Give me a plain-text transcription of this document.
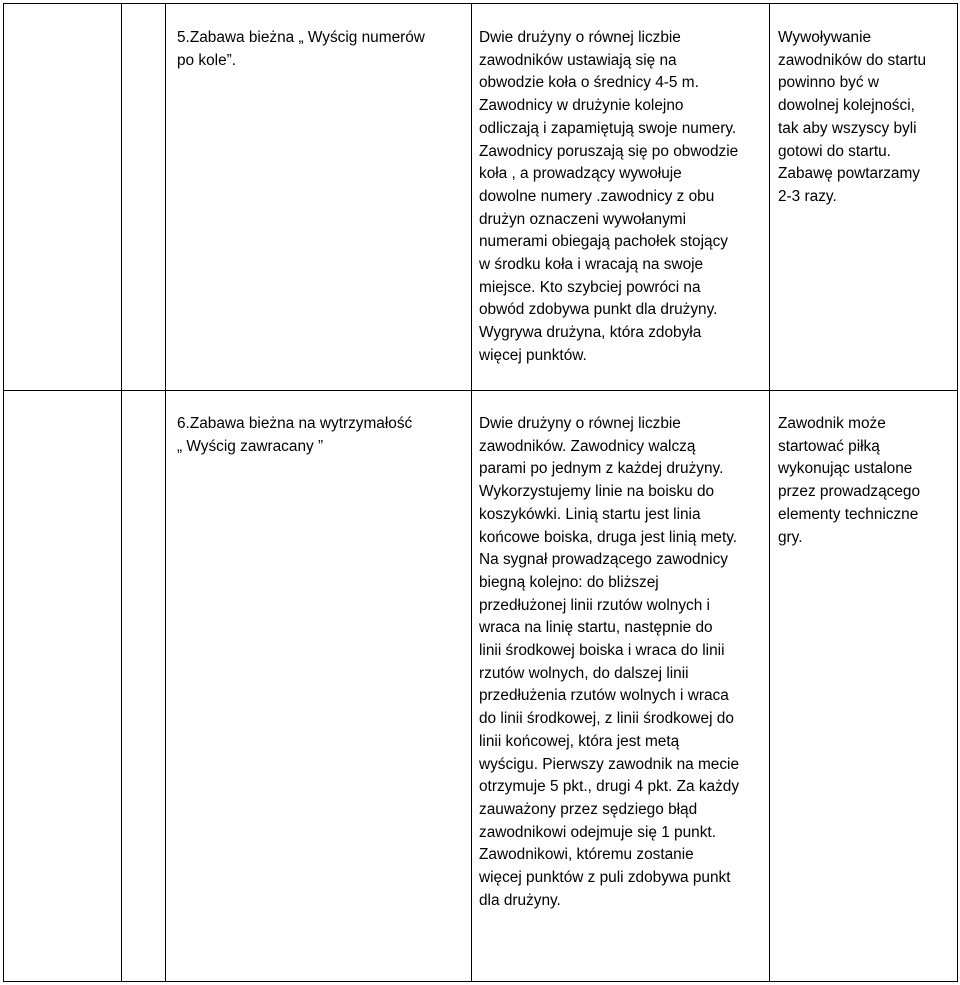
5.Zabawa bieżna „ Wyścig numerów
po kole”.
Dwie drużyny o równej liczbie
zawodników ustawiają się na
obwodzie koła o średnicy 4-5 m.
Zawodnicy w drużynie kolejno
odliczają i zapamiętują swoje numery.
Zawodnicy poruszają się po obwodzie
koła , a prowadzący wywołuje
dowolne numery .zawodnicy z obu
drużyn oznaczeni wywołanymi
numerami obiegają pachołek stojący
w środku koła i wracają na swoje
miejsce. Kto szybciej powróci na
obwód zdobywa punkt dla drużyny.
Wygrywa drużyna, która zdobyła
więcej punktów.
Wywoływanie
zawodników do startu
powinno być w
dowolnej kolejności,
tak aby wszyscy byli
gotowi do startu.
Zabawę powtarzamy
2-3 razy.
6.Zabawa bieżna na wytrzymałość
„ Wyścig zawracany ”
Dwie drużyny o równej liczbie
zawodników. Zawodnicy walczą
parami po jednym z każdej drużyny.
Wykorzystujemy linie na boisku do
koszykówki. Linią startu jest linia
końcowe boiska, druga jest linią mety.
Na sygnał prowadzącego zawodnicy
biegną kolejno: do bliższej
przedłużonej linii rzutów wolnych i
wraca na linię startu, następnie do
linii środkowej boiska i wraca do linii
rzutów wolnych, do dalszej linii
przedłużenia rzutów wolnych i wraca
do linii środkowej, z linii środkowej do
linii końcowej, która jest metą
wyścigu. Pierwszy zawodnik na mecie
otrzymuje 5 pkt., drugi 4 pkt. Za każdy
zauważony przez sędziego błąd
zawodnikowi odejmuje się 1 punkt.
Zawodnikowi, któremu zostanie
więcej punktów z puli zdobywa punkt
dla drużyny.
Zawodnik może
startować piłką
wykonując ustalone
przez prowadzącego
elementy techniczne
gry.
